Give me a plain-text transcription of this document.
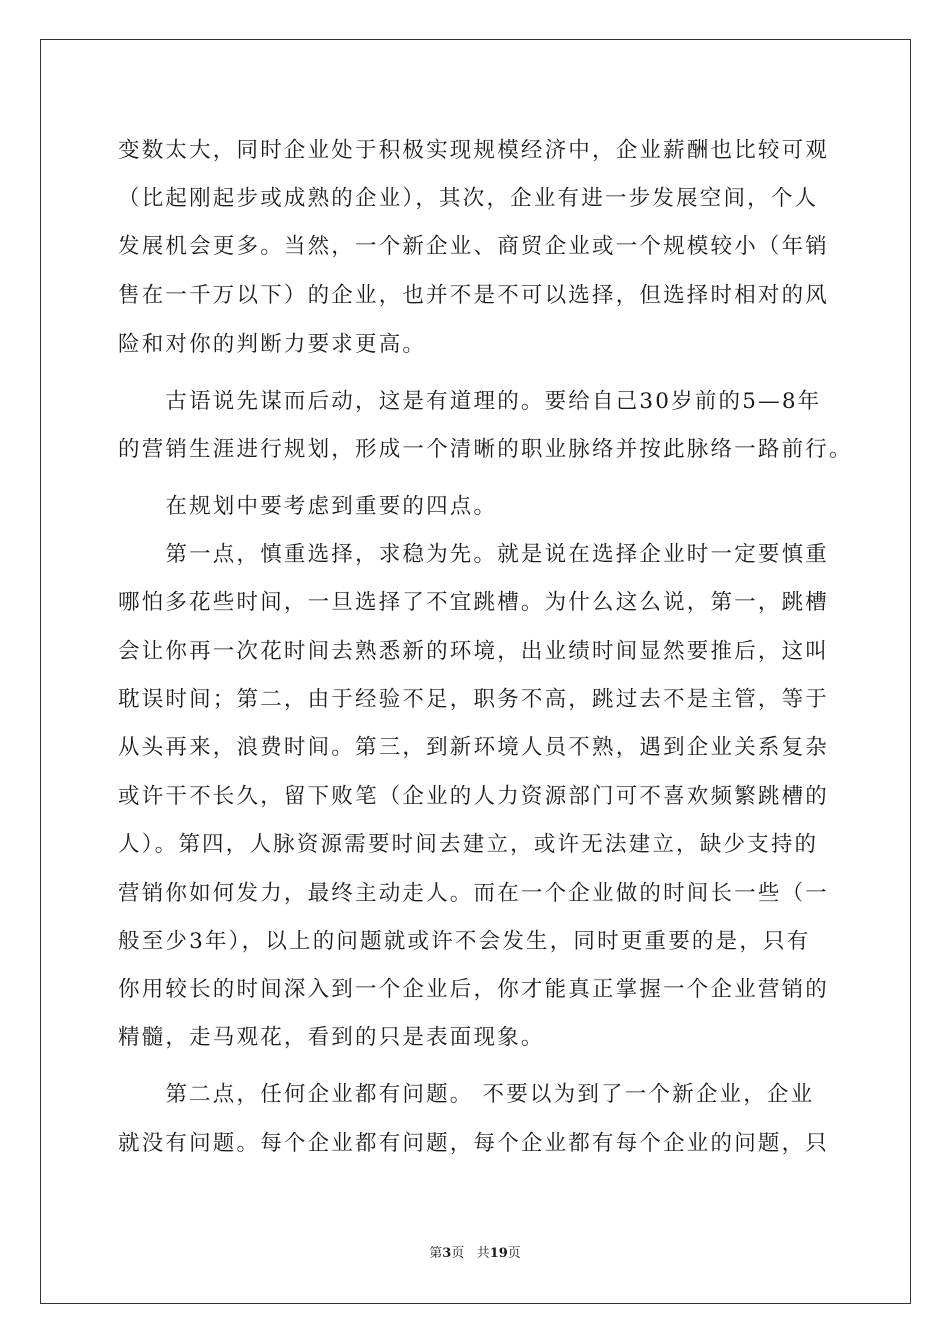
变数太大，同时企业处于积极实现规模经济中，企业薪酬也比较可观

（比起刚起步或成熟的企业），其次，企业有进一步发展空间，个人

发展机会更多。当然，一个新企业、商贸企业或一个规模较小（年销

售在一千万以下）的企业，也并不是不可以选择，但选择时相对的风

险和对你的判断力要求更高。

　　古语说先谋而后动，这是有道理的。要给自己30岁前的5—8年

的营销生涯进行规划，形成一个清晰的职业脉络并按此脉络一路前行。

　　在规划中要考虑到重要的四点。

　　第一点，慎重选择，求稳为先。就是说在选择企业时一定要慎重

哪怕多花些时间，一旦选择了不宜跳槽。为什么这么说，第一，跳槽

会让你再一次花时间去熟悉新的环境，出业绩时间显然要推后，这叫

耽误时间；第二，由于经验不足，职务不高，跳过去不是主管，等于

从头再来，浪费时间。第三，到新环境人员不熟，遇到企业关系复杂

或许干不长久，留下败笔（企业的人力资源部门可不喜欢频繁跳槽的

人）。第四，人脉资源需要时间去建立，或许无法建立，缺少支持的

营销你如何发力，最终主动走人。而在一个企业做的时间长一些（一

般至少3年），以上的问题就或许不会发生，同时更重要的是，只有

你用较长的时间深入到一个企业后，你才能真正掌握一个企业营销的

精髓，走马观花，看到的只是表面现象。

　　第二点，任何企业都有问题。 不要以为到了一个新企业，企业

就没有问题。每个企业都有问题，每个企业都有每个企业的问题，只

第3页 共19页
